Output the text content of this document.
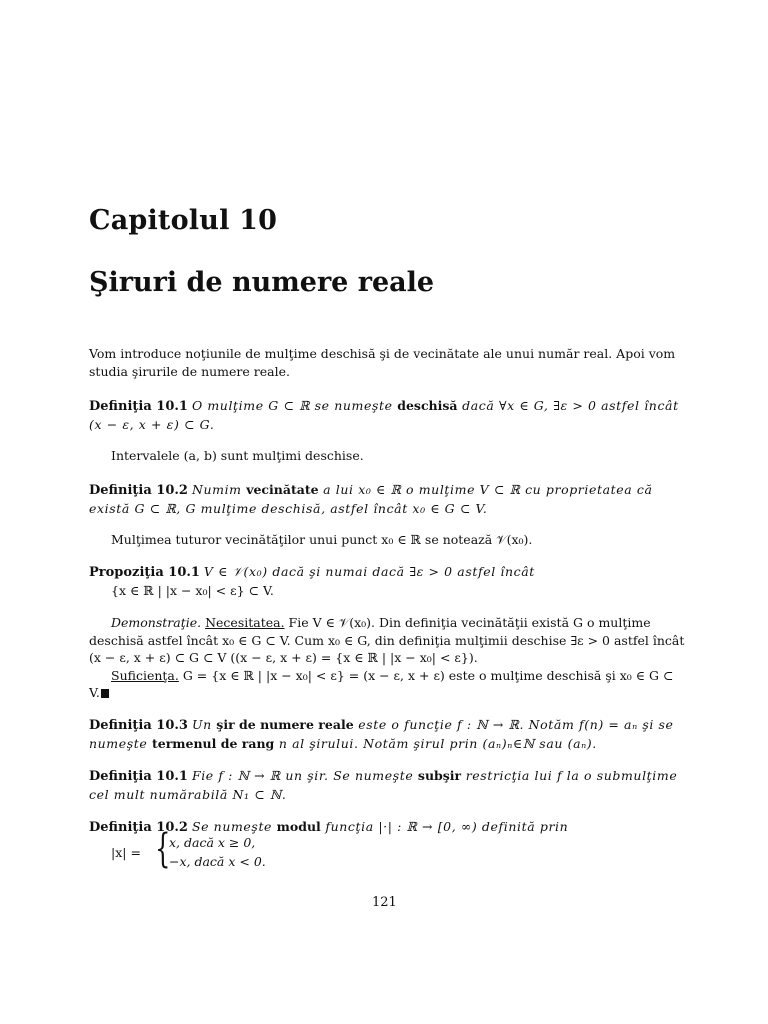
Capitolul 10
Şiruri de numere reale
Vom introduce noţiunile de mulţime deschisă şi de vecinătate ale unui număr real. Apoi vom studia şirurile de numere reale.
Definiţia 10.1 O mulţime G ⊂ ℝ se numeşte deschisă dacă ∀x ∈ G, ∃ε > 0 astfel încât (x − ε, x + ε) ⊂ G.
Intervalele (a, b) sunt mulţimi deschise.
Definiţia 10.2 Numim vecinătate a lui x₀ ∈ ℝ o mulţime V ⊂ ℝ cu proprietatea că există G ⊂ ℝ, G mulţime deschisă, astfel încât x₀ ∈ G ⊂ V.
Mulţimea tuturor vecinătăţilor unui punct x₀ ∈ ℝ se notează 𝒱(x₀).
Propoziţia 10.1 V ∈ 𝒱(x₀) dacă şi numai dacă ∃ε > 0 astfel încât
{x ∈ ℝ | |x − x₀| < ε} ⊂ V.
Demonstraţie. Necesitatea. Fie V ∈ 𝒱(x₀). Din definiţia vecinătăţii există G o mulţime deschisă astfel încât x₀ ∈ G ⊂ V. Cum x₀ ∈ G, din definiţia mulţimii deschise ∃ε > 0 astfel încât (x − ε, x + ε) ⊂ G ⊂ V ((x − ε, x + ε) = {x ∈ ℝ | |x − x₀| < ε}).
Suficienţa. G = {x ∈ ℝ | |x − x₀| < ε} = (x − ε, x + ε) este o mulţime deschisă şi x₀ ∈ G ⊂ V.
Definiţia 10.3 Un şir de numere reale este o funcţie f : ℕ → ℝ. Notăm f(n) = aₙ şi se numeşte termenul de rang n al şirului. Notăm şirul prin (aₙ)ₙ∈ℕ sau (aₙ).
Definiţia 10.1 Fie f : ℕ → ℝ un şir. Se numeşte subşir restricţia lui f la o submulţime cel mult numărabilă N₁ ⊂ ℕ.
Definiţia 10.2 Se numeşte modul funcţia |·| : ℝ → [0, ∞) definită prin
|x| = {
x, dacă x ≥ 0,
−x, dacă x < 0.
121
